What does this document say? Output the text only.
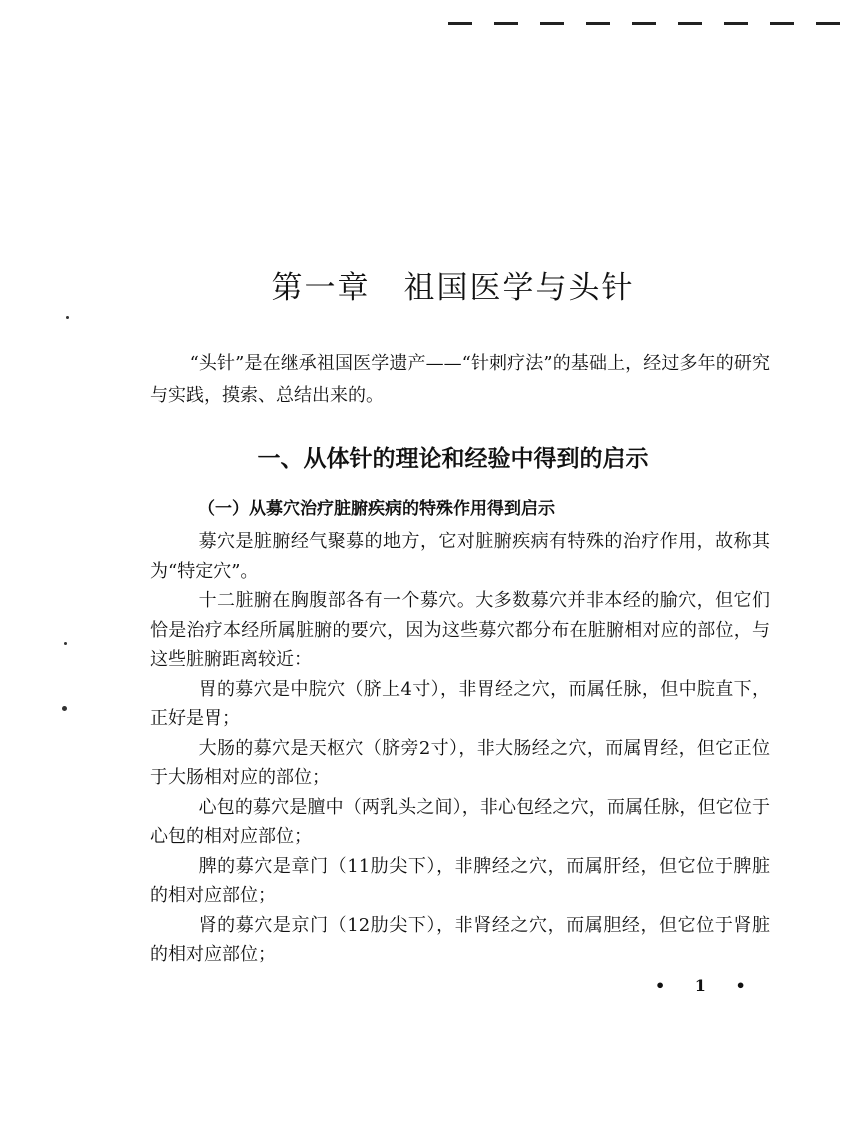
第一章　祖国医学与头针

“头针”是在继承祖国医学遗产——“针刺疗法”的基础上，经过多年的研究与实践，摸索、总结出来的。

一、从体针的理论和经验中得到的启示
（一）从募穴治疗脏腑疾病的特殊作用得到启示

募穴是脏腑经气聚募的地方，它对脏腑疾病有特殊的治疗作用，故称其为“特定穴”。

十二脏腑在胸腹部各有一个募穴。大多数募穴并非本经的腧穴，但它们恰是治疗本经所属脏腑的要穴，因为这些募穴都分布在脏腑相对应的部位，与这些脏腑距离较近：

胃的募穴是中脘穴（脐上4寸），非胃经之穴，而属任脉，但中脘直下，正好是胃；

大肠的募穴是天枢穴（脐旁2寸），非大肠经之穴，而属胃经，但它正位于大肠相对应的部位；

心包的募穴是膻中（两乳头之间），非心包经之穴，而属任脉，但它位于心包的相对应部位；

脾的募穴是章门（11肋尖下），非脾经之穴，而属肝经，但它位于脾脏的相对应部位；

肾的募穴是京门（12肋尖下），非肾经之穴，而属胆经，但它位于肾脏的相对应部位；

• 1 •
